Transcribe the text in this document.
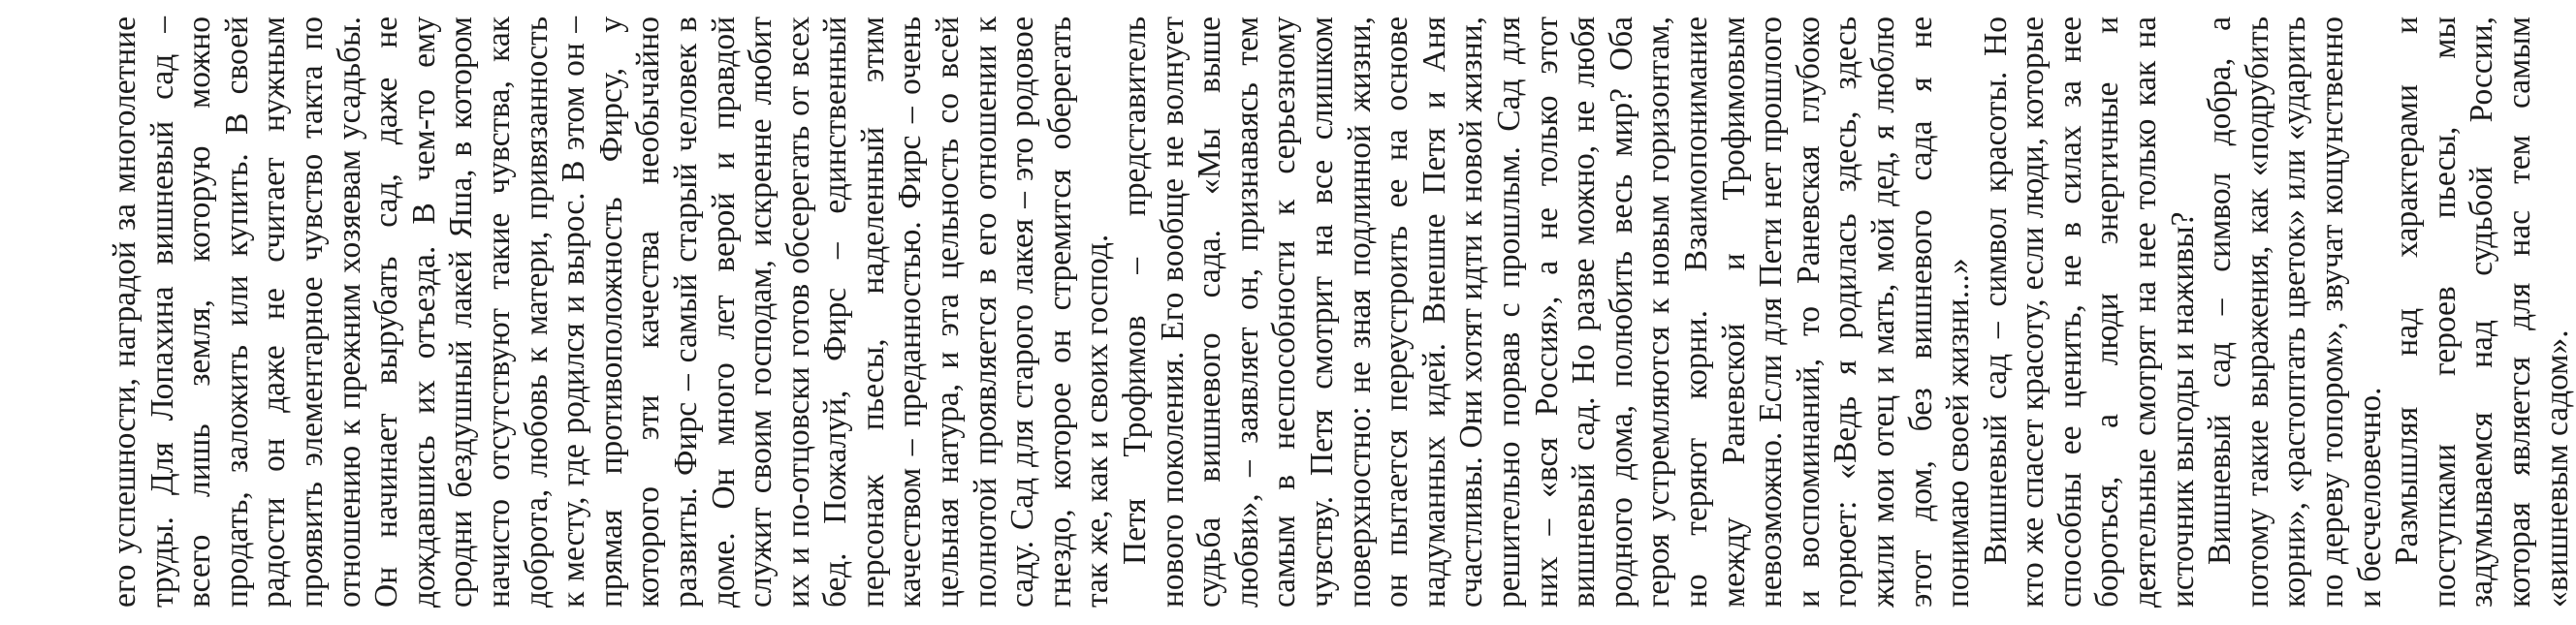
его успешности, наградой за многолетние труды. Для Лопахина вишневый сад – всего лишь земля, которую можно продать, заложить или купить. В своей радости он даже не считает нужным проявить элементарное чувство такта по отношению к прежним хозяевам усадьбы. Он начинает вырубать сад, даже не дождавшись их отъезда. В чем-то ему сродни бездушный лакей Яша, в котором начисто отсутствуют такие чувства, как доброта, любовь к матери, привязанность к месту, где родился и вырос. В этом он – прямая противоположность Фирсу, у которого эти качества необычайно развиты. Фирс – самый старый человек в доме. Он много лет верой и правдой служит своим господам, искренне любит их и по-отцовски готов обсерегать от всех бед. Пожалуй, Фирс – единственный персонаж пьесы, наделенный этим качеством – преданностью. Фирс – очень цельная натура, и эта цельность со всей полнотой проявляется в его отношении к саду. Сад для старого лакея – это родовое гнездо, которое он стремится оберегать так же, как и своих господ. Петя Трофимов – представитель нового поколения. Его вообще не волнует судьба вишневого сада. «Мы выше любви», – заявляет он, признаваясь тем самым в неспособности к серьезному чувству. Петя смотрит на все слишком поверхностно: не зная подлинной жизни, он пытается переустроить ее на основе надуманных идей. Внешне Петя и Аня счастливы. Они хотят идти к новой жизни, решительно порвав с прошлым. Сад для них – «вся Россия», а не только этот вишневый сад. Но разве можно, не любя родного дома, полюбить весь мир? Оба героя устремляются к новым горизонтам, но теряют корни. Взаимопонимание между Раневской и Трофимовым невозможно. Если для Пети нет прошлого и воспоминаний, то Раневская глубоко горюет: «Ведь я родилась здесь, здесь жили мои отец и мать, мой дед, я люблю этот дом, без вишневого сада я не понимаю своей жизни...» Вишневый сад – символ красоты. Но кто же спасет красоту, если люди, которые способны ее ценить, не в силах за нее бороться, а люди энергичные и деятельные смотрят на нее только как на источник выгоды и наживы? Вишневый сад – символ добра, а потому такие выражения, как «подрубить корни», «растоптать цветок» или «ударить по дереву топором», звучат кощунственно и бесчеловечно. Размышляя над характерами и поступками героев пьесы, мы задумываемся над судьбой России, которая является для нас тем самым «вишневым садом».
